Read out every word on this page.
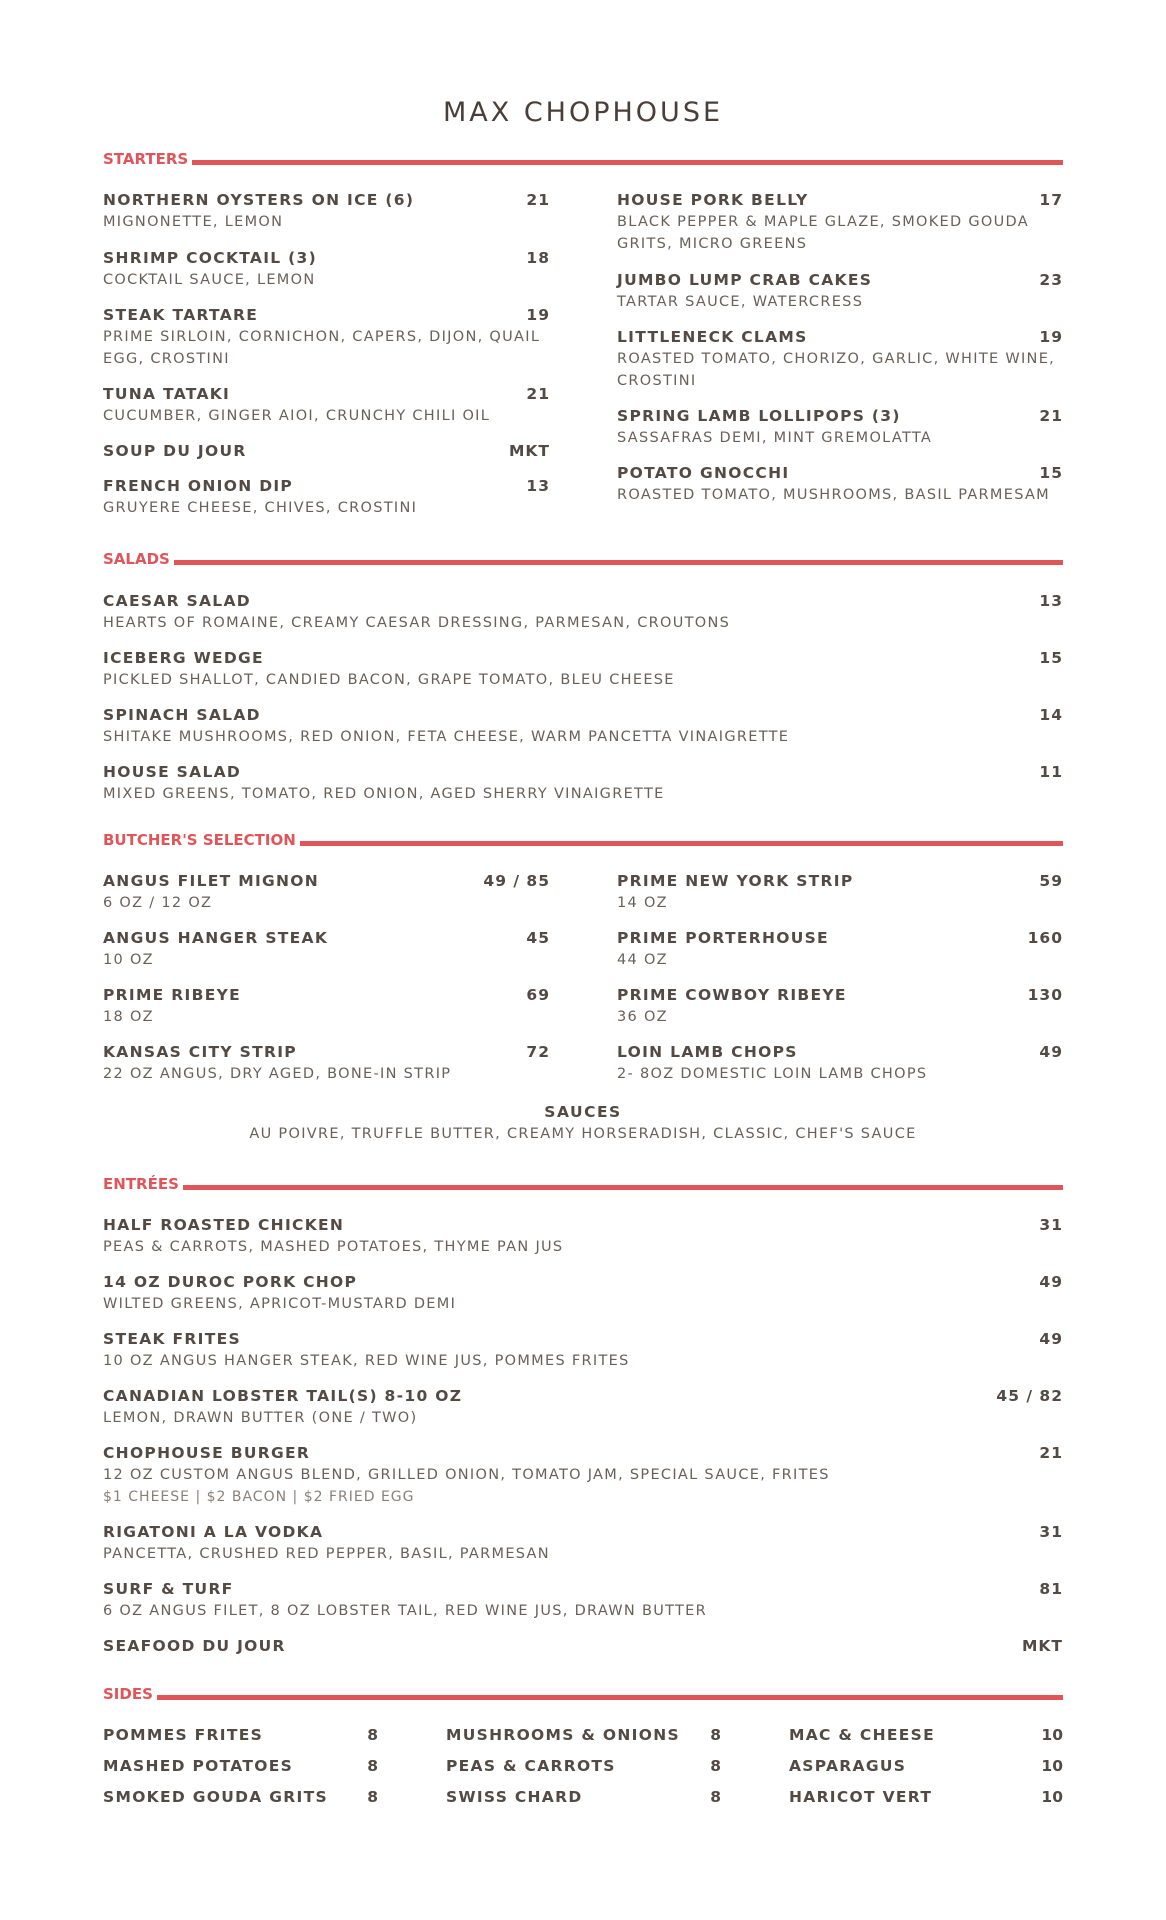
MAX CHOPHOUSE
STARTERS
NORTHERN OYSTERS ON ICE (6)	21
MIGNONETTE, LEMON
SHRIMP COCKTAIL (3)	18
COCKTAIL SAUCE, LEMON
STEAK TARTARE	19
PRIME SIRLOIN, CORNICHON, CAPERS, DIJON, QUAIL EGG, CROSTINI
TUNA TATAKI	21
CUCUMBER, GINGER AIOI, CRUNCHY CHILI OIL
SOUP DU JOUR	MKT
FRENCH ONION DIP	13
GRUYERE CHEESE, CHIVES, CROSTINI
HOUSE PORK BELLY	17
BLACK PEPPER & MAPLE GLAZE, SMOKED GOUDA GRITS, MICRO GREENS
JUMBO LUMP CRAB CAKES	23
TARTAR SAUCE, WATERCRESS
LITTLENECK CLAMS	19
ROASTED TOMATO, CHORIZO, GARLIC, WHITE WINE, CROSTINI
SPRING LAMB LOLLIPOPS (3)	21
SASSAFRAS DEMI, MINT GREMOLATTA
POTATO GNOCCHI	15
ROASTED TOMATO, MUSHROOMS, BASIL PARMESAM
SALADS
CAESAR SALAD	13
HEARTS OF ROMAINE, CREAMY CAESAR DRESSING, PARMESAN, CROUTONS
ICEBERG WEDGE	15
PICKLED SHALLOT, CANDIED BACON, GRAPE TOMATO, BLEU CHEESE
SPINACH SALAD	14
SHITAKE MUSHROOMS, RED ONION, FETA CHEESE, WARM PANCETTA VINAIGRETTE
HOUSE SALAD	11
MIXED GREENS, TOMATO, RED ONION, AGED SHERRY VINAIGRETTE
BUTCHER'S SELECTION
ANGUS FILET MIGNON	49 / 85
6 OZ / 12 OZ
ANGUS HANGER STEAK	45
10 OZ
PRIME RIBEYE	69
18 OZ
KANSAS CITY STRIP	72
22 OZ ANGUS, DRY AGED, BONE-IN STRIP
PRIME NEW YORK STRIP	59
14 OZ
PRIME PORTERHOUSE	160
44 OZ
PRIME COWBOY RIBEYE	130
36 OZ
LOIN LAMB CHOPS	49
2- 8OZ DOMESTIC LOIN LAMB CHOPS
SAUCES
AU POIVRE, TRUFFLE BUTTER, CREAMY HORSERADISH, CLASSIC, CHEF'S SAUCE
ENTRÉES
HALF ROASTED CHICKEN	31
PEAS & CARROTS, MASHED POTATOES, THYME PAN JUS
14 OZ DUROC PORK CHOP	49
WILTED GREENS, APRICOT-MUSTARD DEMI
STEAK FRITES	49
10 OZ ANGUS HANGER STEAK, RED WINE JUS, POMMES FRITES
CANADIAN LOBSTER TAIL(S) 8-10 OZ	45 / 82
LEMON, DRAWN BUTTER (ONE / TWO)
CHOPHOUSE BURGER	21
12 OZ CUSTOM ANGUS BLEND, GRILLED ONION, TOMATO JAM, SPECIAL SAUCE, FRITES
$1 CHEESE | $2 BACON | $2 FRIED EGG
RIGATONI A LA VODKA	31
PANCETTA, CRUSHED RED PEPPER, BASIL, PARMESAN
SURF & TURF	81
6 OZ ANGUS FILET, 8 OZ LOBSTER TAIL, RED WINE JUS, DRAWN BUTTER
SEAFOOD DU JOUR	MKT
SIDES
POMMES FRITES	8
MASHED POTATOES	8
SMOKED GOUDA GRITS	8
MUSHROOMS & ONIONS	8
PEAS & CARROTS	8
SWISS CHARD	8
MAC & CHEESE	10
ASPARAGUS	10
HARICOT VERT	10
